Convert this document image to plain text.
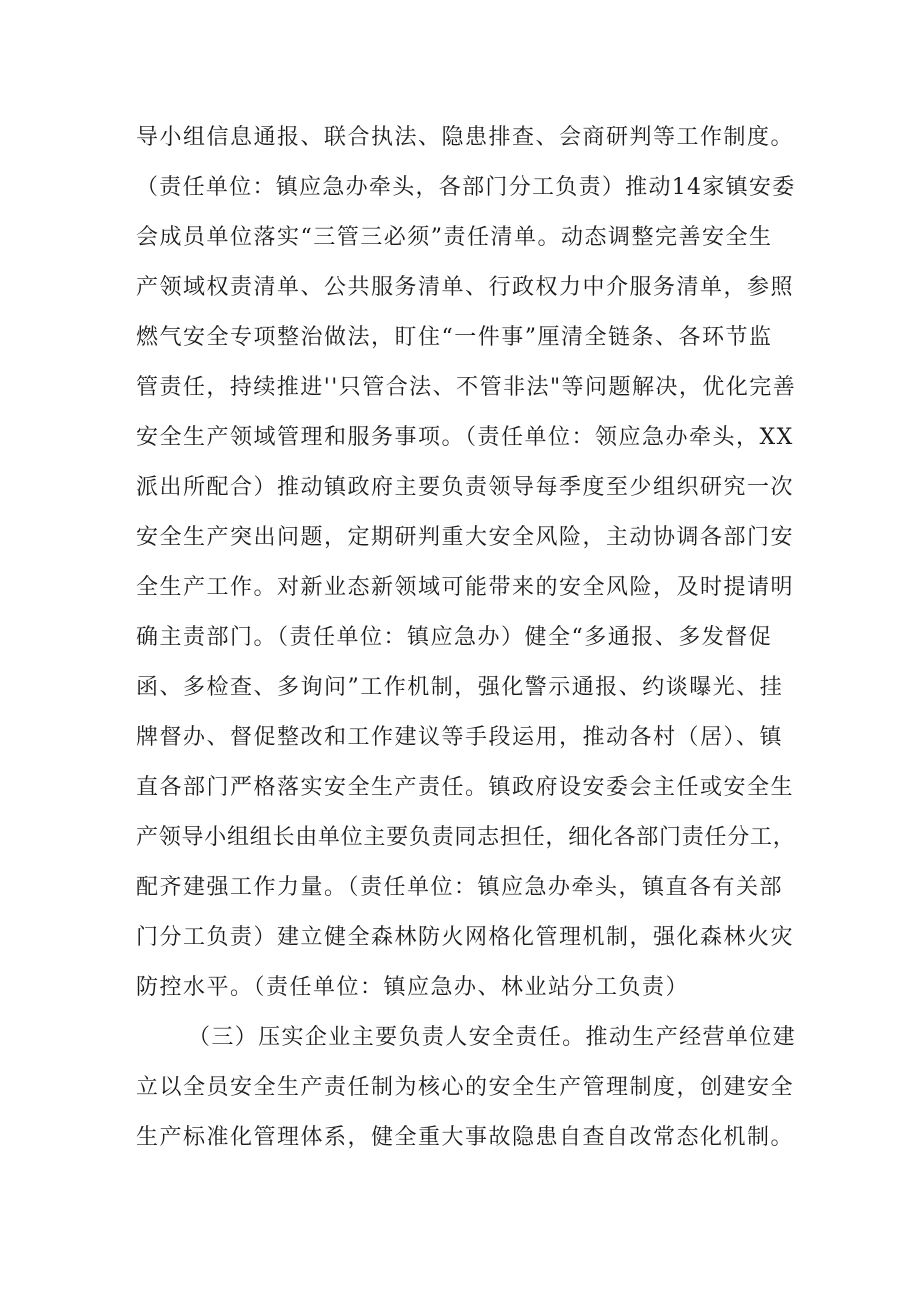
导小组信息通报、联合执法、隐患排查、会商研判等工作制度。
（责任单位：镇应急办牵头，各部门分工负责）推动14家镇安委
会成员单位落实“三管三必须”责任清单。动态调整完善安全生
产领域权责清单、公共服务清单、行政权力中介服务清单，参照
燃气安全专项整治做法，盯住“一件事”厘清全链条、各环节监
管责任，持续推进''只管合法、不管非法"等问题解决，优化完善
安全生产领域管理和服务事项。（责任单位：领应急办牵头，XX
派出所配合）推动镇政府主要负责领导每季度至少组织研究一次
安全生产突出问题，定期研判重大安全风险，主动协调各部门安
全生产工作。对新业态新领域可能带来的安全风险，及时提请明
确主责部门。（责任单位：镇应急办）健全“多通报、多发督促
函、多检查、多询问”工作机制，强化警示通报、约谈曝光、挂
牌督办、督促整改和工作建议等手段运用，推动各村（居）、镇
直各部门严格落实安全生产责任。镇政府设安委会主任或安全生
产领导小组组长由单位主要负责同志担任，细化各部门责任分工，
配齐建强工作力量。（责任单位：镇应急办牵头，镇直各有关部
门分工负责）建立健全森林防火网格化管理机制，强化森林火灾
防控水平。（责任单位：镇应急办、林业站分工负责）
（三）压实企业主要负责人安全责任。推动生产经营单位建
立以全员安全生产责任制为核心的安全生产管理制度，创建安全
生产标准化管理体系，健全重大事故隐患自查自改常态化机制。
